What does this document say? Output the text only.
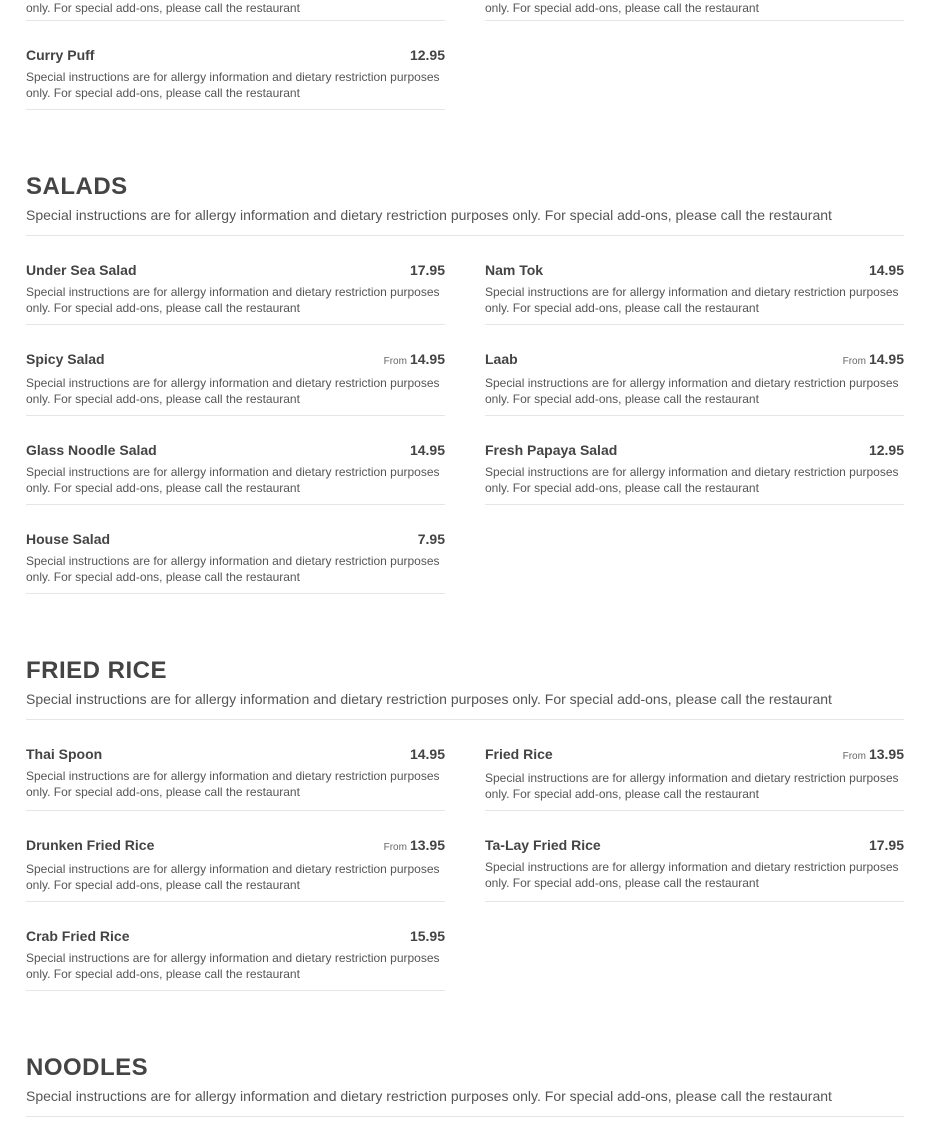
only. For special add-ons, please call the restaurant
Curry Puff	12.95
Special instructions are for allergy information and dietary restriction purposes only. For special add-ons, please call the restaurant
only. For special add-ons, please call the restaurant
SALADS
Special instructions are for allergy information and dietary restriction purposes only. For special add-ons, please call the restaurant
Under Sea Salad	17.95
Special instructions are for allergy information and dietary restriction purposes only. For special add-ons, please call the restaurant
Spicy Salad	From 14.95
Special instructions are for allergy information and dietary restriction purposes only. For special add-ons, please call the restaurant
Glass Noodle Salad	14.95
Special instructions are for allergy information and dietary restriction purposes only. For special add-ons, please call the restaurant
House Salad	7.95
Special instructions are for allergy information and dietary restriction purposes only. For special add-ons, please call the restaurant
Nam Tok	14.95
Special instructions are for allergy information and dietary restriction purposes only. For special add-ons, please call the restaurant
Laab	From 14.95
Special instructions are for allergy information and dietary restriction purposes only. For special add-ons, please call the restaurant
Fresh Papaya Salad	12.95
Special instructions are for allergy information and dietary restriction purposes only. For special add-ons, please call the restaurant
FRIED RICE
Special instructions are for allergy information and dietary restriction purposes only. For special add-ons, please call the restaurant
Thai Spoon	14.95
Special instructions are for allergy information and dietary restriction purposes only. For special add-ons, please call the restaurant
Drunken Fried Rice	From 13.95
Special instructions are for allergy information and dietary restriction purposes only. For special add-ons, please call the restaurant
Crab Fried Rice	15.95
Special instructions are for allergy information and dietary restriction purposes only. For special add-ons, please call the restaurant
Fried Rice	From 13.95
Special instructions are for allergy information and dietary restriction purposes only. For special add-ons, please call the restaurant
Ta-Lay Fried Rice	17.95
Special instructions are for allergy information and dietary restriction purposes only. For special add-ons, please call the restaurant
NOODLES
Special instructions are for allergy information and dietary restriction purposes only. For special add-ons, please call the restaurant
